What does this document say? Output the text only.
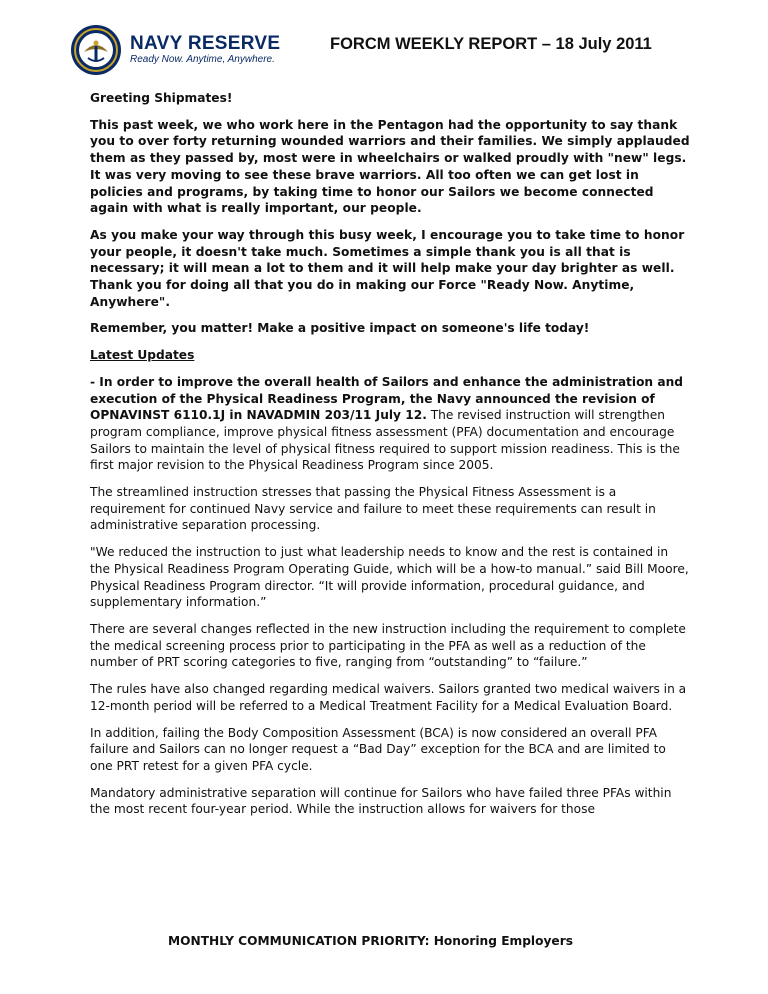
NAVY RESERVE
Ready Now. Anytime, Anywhere.
FORCM WEEKLY REPORT – 18 July 2011

Greeting Shipmates!

This past week, we who work here in the Pentagon had the opportunity to say thank you to over forty returning wounded warriors and their families. We simply applauded them as they passed by, most were in wheelchairs or walked proudly with "new" legs. It was very moving to see these brave warriors. All too often we can get lost in policies and programs, by taking time to honor our Sailors we become connected again with what is really important, our people.

As you make your way through this busy week, I encourage you to take time to honor your people, it doesn't take much. Sometimes a simple thank you is all that is necessary; it will mean a lot to them and it will help make your day brighter as well. Thank you for doing all that you do in making our Force "Ready Now. Anytime, Anywhere".

Remember, you matter! Make a positive impact on someone's life today!

Latest Updates

- In order to improve the overall health of Sailors and enhance the administration and execution of the Physical Readiness Program, the Navy announced the revision of OPNAVINST 6110.1J in NAVADMIN 203/11 July 12. The revised instruction will strengthen program compliance, improve physical fitness assessment (PFA) documentation and encourage Sailors to maintain the level of physical fitness required to support mission readiness. This is the first major revision to the Physical Readiness Program since 2005.

The streamlined instruction stresses that passing the Physical Fitness Assessment is a requirement for continued Navy service and failure to meet these requirements can result in administrative separation processing.

"We reduced the instruction to just what leadership needs to know and the rest is contained in the Physical Readiness Program Operating Guide, which will be a how-to manual.” said Bill Moore, Physical Readiness Program director. “It will provide information, procedural guidance, and supplementary information.”

There are several changes reflected in the new instruction including the requirement to complete the medical screening process prior to participating in the PFA as well as a reduction of the number of PRT scoring categories to five, ranging from “outstanding” to “failure.”

The rules have also changed regarding medical waivers. Sailors granted two medical waivers in a 12-month period will be referred to a Medical Treatment Facility for a Medical Evaluation Board.

In addition, failing the Body Composition Assessment (BCA) is now considered an overall PFA failure and Sailors can no longer request a “Bad Day” exception for the BCA and are limited to one PRT retest for a given PFA cycle.

Mandatory administrative separation will continue for Sailors who have failed three PFAs within the most recent four-year period. While the instruction allows for waivers for those

MONTHLY COMMUNICATION PRIORITY: Honoring Employers
